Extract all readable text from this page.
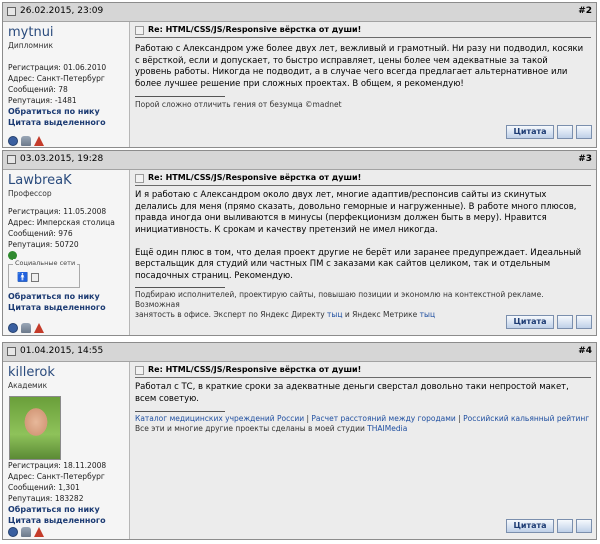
26.02.2015, 23:09	#2
mytnui
Дипломник
Регистрация: 01.06.2010
Адрес: Санкт-Петербург
Сообщений: 78
Репутация: -1481
Обратиться по нику
Цитата выделенного
Re: HTML/CSS/JS/Responsive вёрстка от души!
Работаю с Александром уже более двух лет, вежливый и грамотный. Ни разу ни подводил, косяки
с вёрсткой, если и допускает, то быстро исправляет, цены более чем адекватные за такой
уровень работы. Никогда не подводит, а в случае чего всегда предлагает альтернативное или
более лучшее решение при сложных проектах. В общем, я рекомендую!
Порой сложно отличить гения от безумца ©madnet
Цитата
03.03.2015, 19:28	#3
LawbreaK
Профессор
Регистрация: 11.05.2008
Адрес: Имперская столица
Сообщений: 976
Репутация: 50720
Социальные сети
🚹
Обратиться по нику
Цитата выделенного
Re: HTML/CSS/JS/Responsive вёрстка от души!
И я работаю с Александром около двух лет, многие адаптив/респонсив сайты из скинутых
делались для меня (прямо сказать, довольно геморные и нагруженные). В работе много плюсов,
правда иногда они выливаются в минусы (перфекционизм должен быть в меру). Нравится
инициативность. К срокам и качеству претензий не имел никогда.
Ещё один плюс в том, что делая проект другие не берёт или заранее предупреждает. Идеальный
верстальщик для студий или частных ПМ с заказами как сайтов целиком, так и отдельным
посадочных страниц. Рекомендую.
Подбираю исполнителей, проектирую сайты, повышаю позиции и экономлю на контекстной рекламе. Возможная
занятость в офисе. Эксперт по Яндекс Директу тыц и Яндекс Метрике тыц
Цитата
01.04.2015, 14:55	#4
killerok
Академик
Регистрация: 18.11.2008
Адрес: Санкт-Петербург
Сообщений: 1,301
Репутация: 183282
Обратиться по нику
Цитата выделенного
Re: HTML/CSS/JS/Responsive вёрстка от души!
Работал с ТС, в краткие сроки за адекватные деньги сверстал довольно таки непростой макет,
всем советую.
Каталог медицинских учреждений России | Расчет расстояний между городами | Российский кальянный рейтинг
Все эти и многие другие проекты сделаны в моей студии THAIMedia
Цитата
